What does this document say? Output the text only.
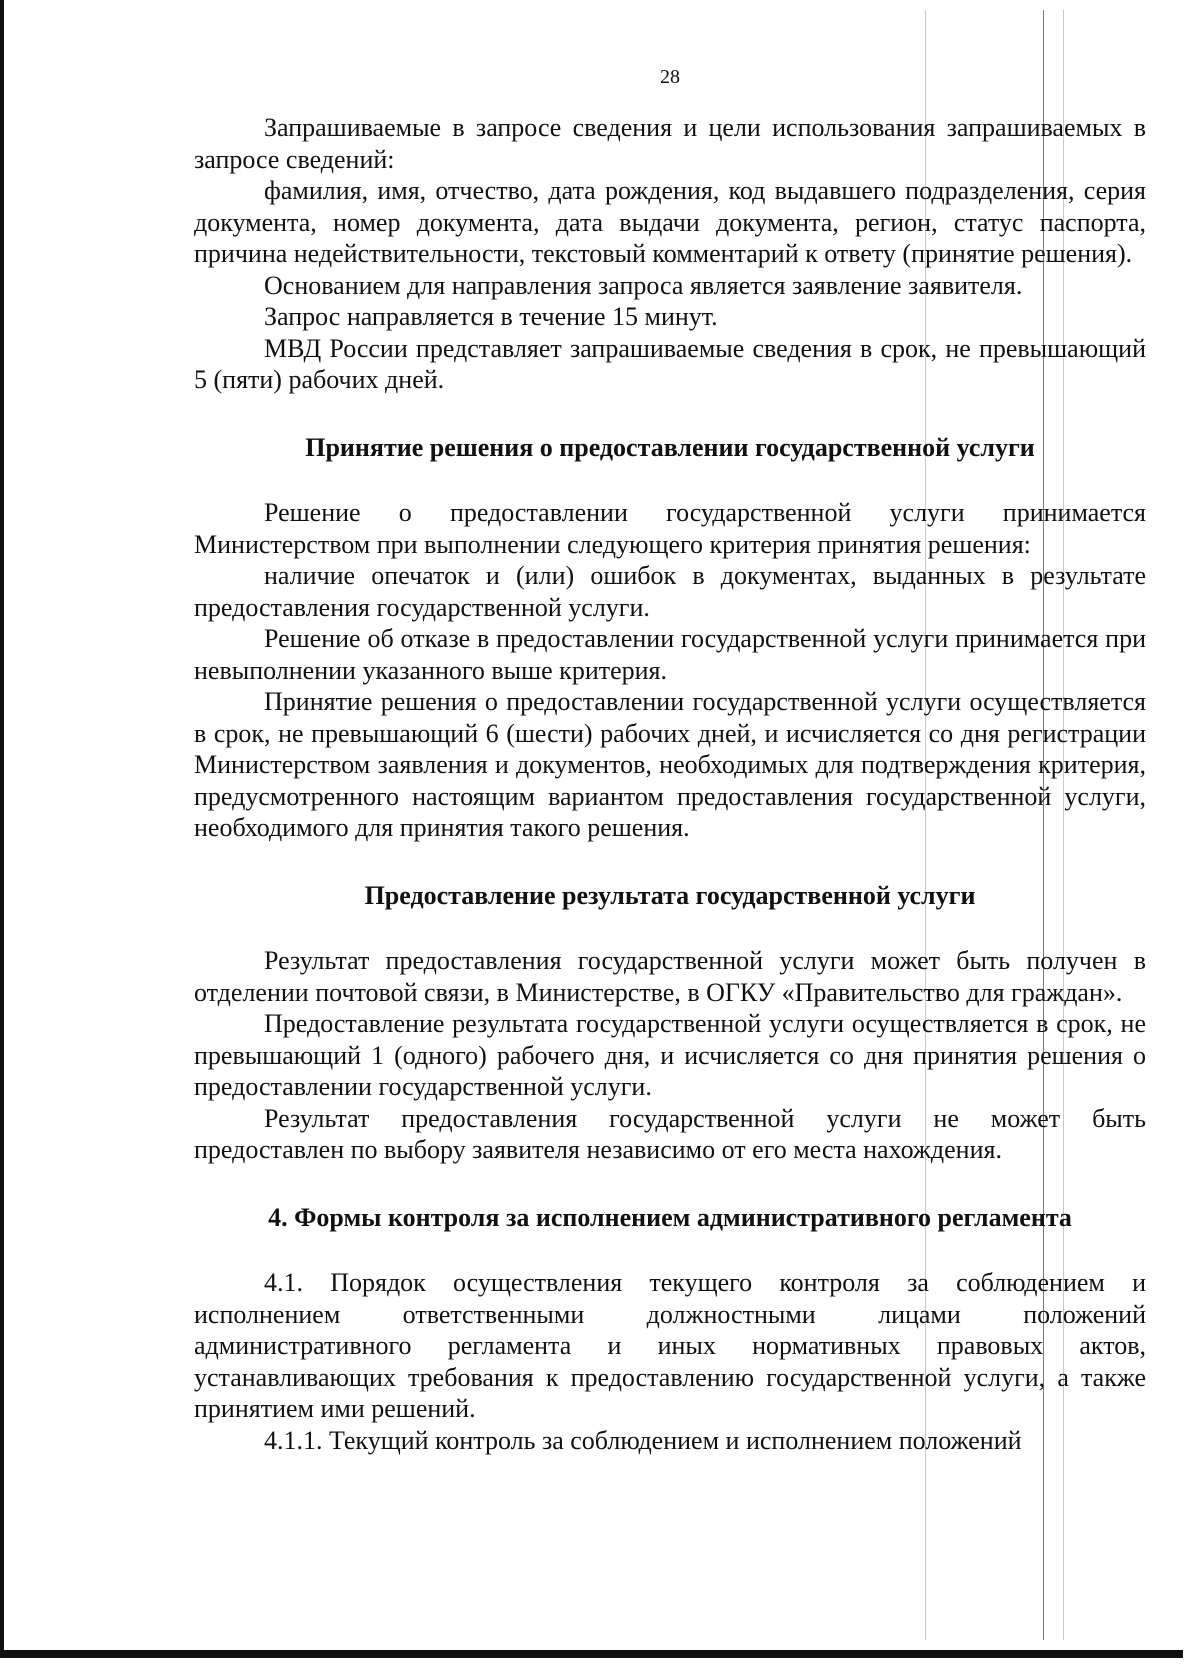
28

Запрашиваемые в запросе сведения и цели использования запрашиваемых в запросе сведений:

фамилия, имя, отчество, дата рождения, код выдавшего подразделения, серия документа, номер документа, дата выдачи документа, регион, статус паспорта, причина недействительности, текстовый комментарий к ответу (принятие решения).

Основанием для направления запроса является заявление заявителя.

Запрос направляется в течение 15 минут.

МВД России представляет запрашиваемые сведения в срок, не превышающий 5 (пяти) рабочих дней.

Принятие решения о предоставлении государственной услуги

Решение о предоставлении государственной услуги принимается Министерством при выполнении следующего критерия принятия решения:

наличие опечаток и (или) ошибок в документах, выданных в результате предоставления государственной услуги.

Решение об отказе в предоставлении государственной услуги принимается при невыполнении указанного выше критерия.

Принятие решения о предоставлении государственной услуги осуществляется в срок, не превышающий 6 (шести) рабочих дней, и исчисляется со дня регистрации Министерством заявления и документов, необходимых для подтверждения критерия, предусмотренного настоящим вариантом предоставления государственной услуги, необходимого для принятия такого решения.

Предоставление результата государственной услуги

Результат предоставления государственной услуги может быть получен в отделении почтовой связи, в Министерстве, в ОГКУ «Правительство для граждан».

Предоставление результата государственной услуги осуществляется в срок, не превышающий 1 (одного) рабочего дня, и исчисляется со дня принятия решения о предоставлении государственной услуги.

Результат предоставления государственной услуги не может быть предоставлен по выбору заявителя независимо от его места нахождения.

4. Формы контроля за исполнением административного регламента

4.1. Порядок осуществления текущего контроля за соблюдением и исполнением ответственными должностными лицами положений административного регламента и иных нормативных правовых актов, устанавливающих требования к предоставлению государственной услуги, а также принятием ими решений.

4.1.1. Текущий контроль за соблюдением и исполнением положений
